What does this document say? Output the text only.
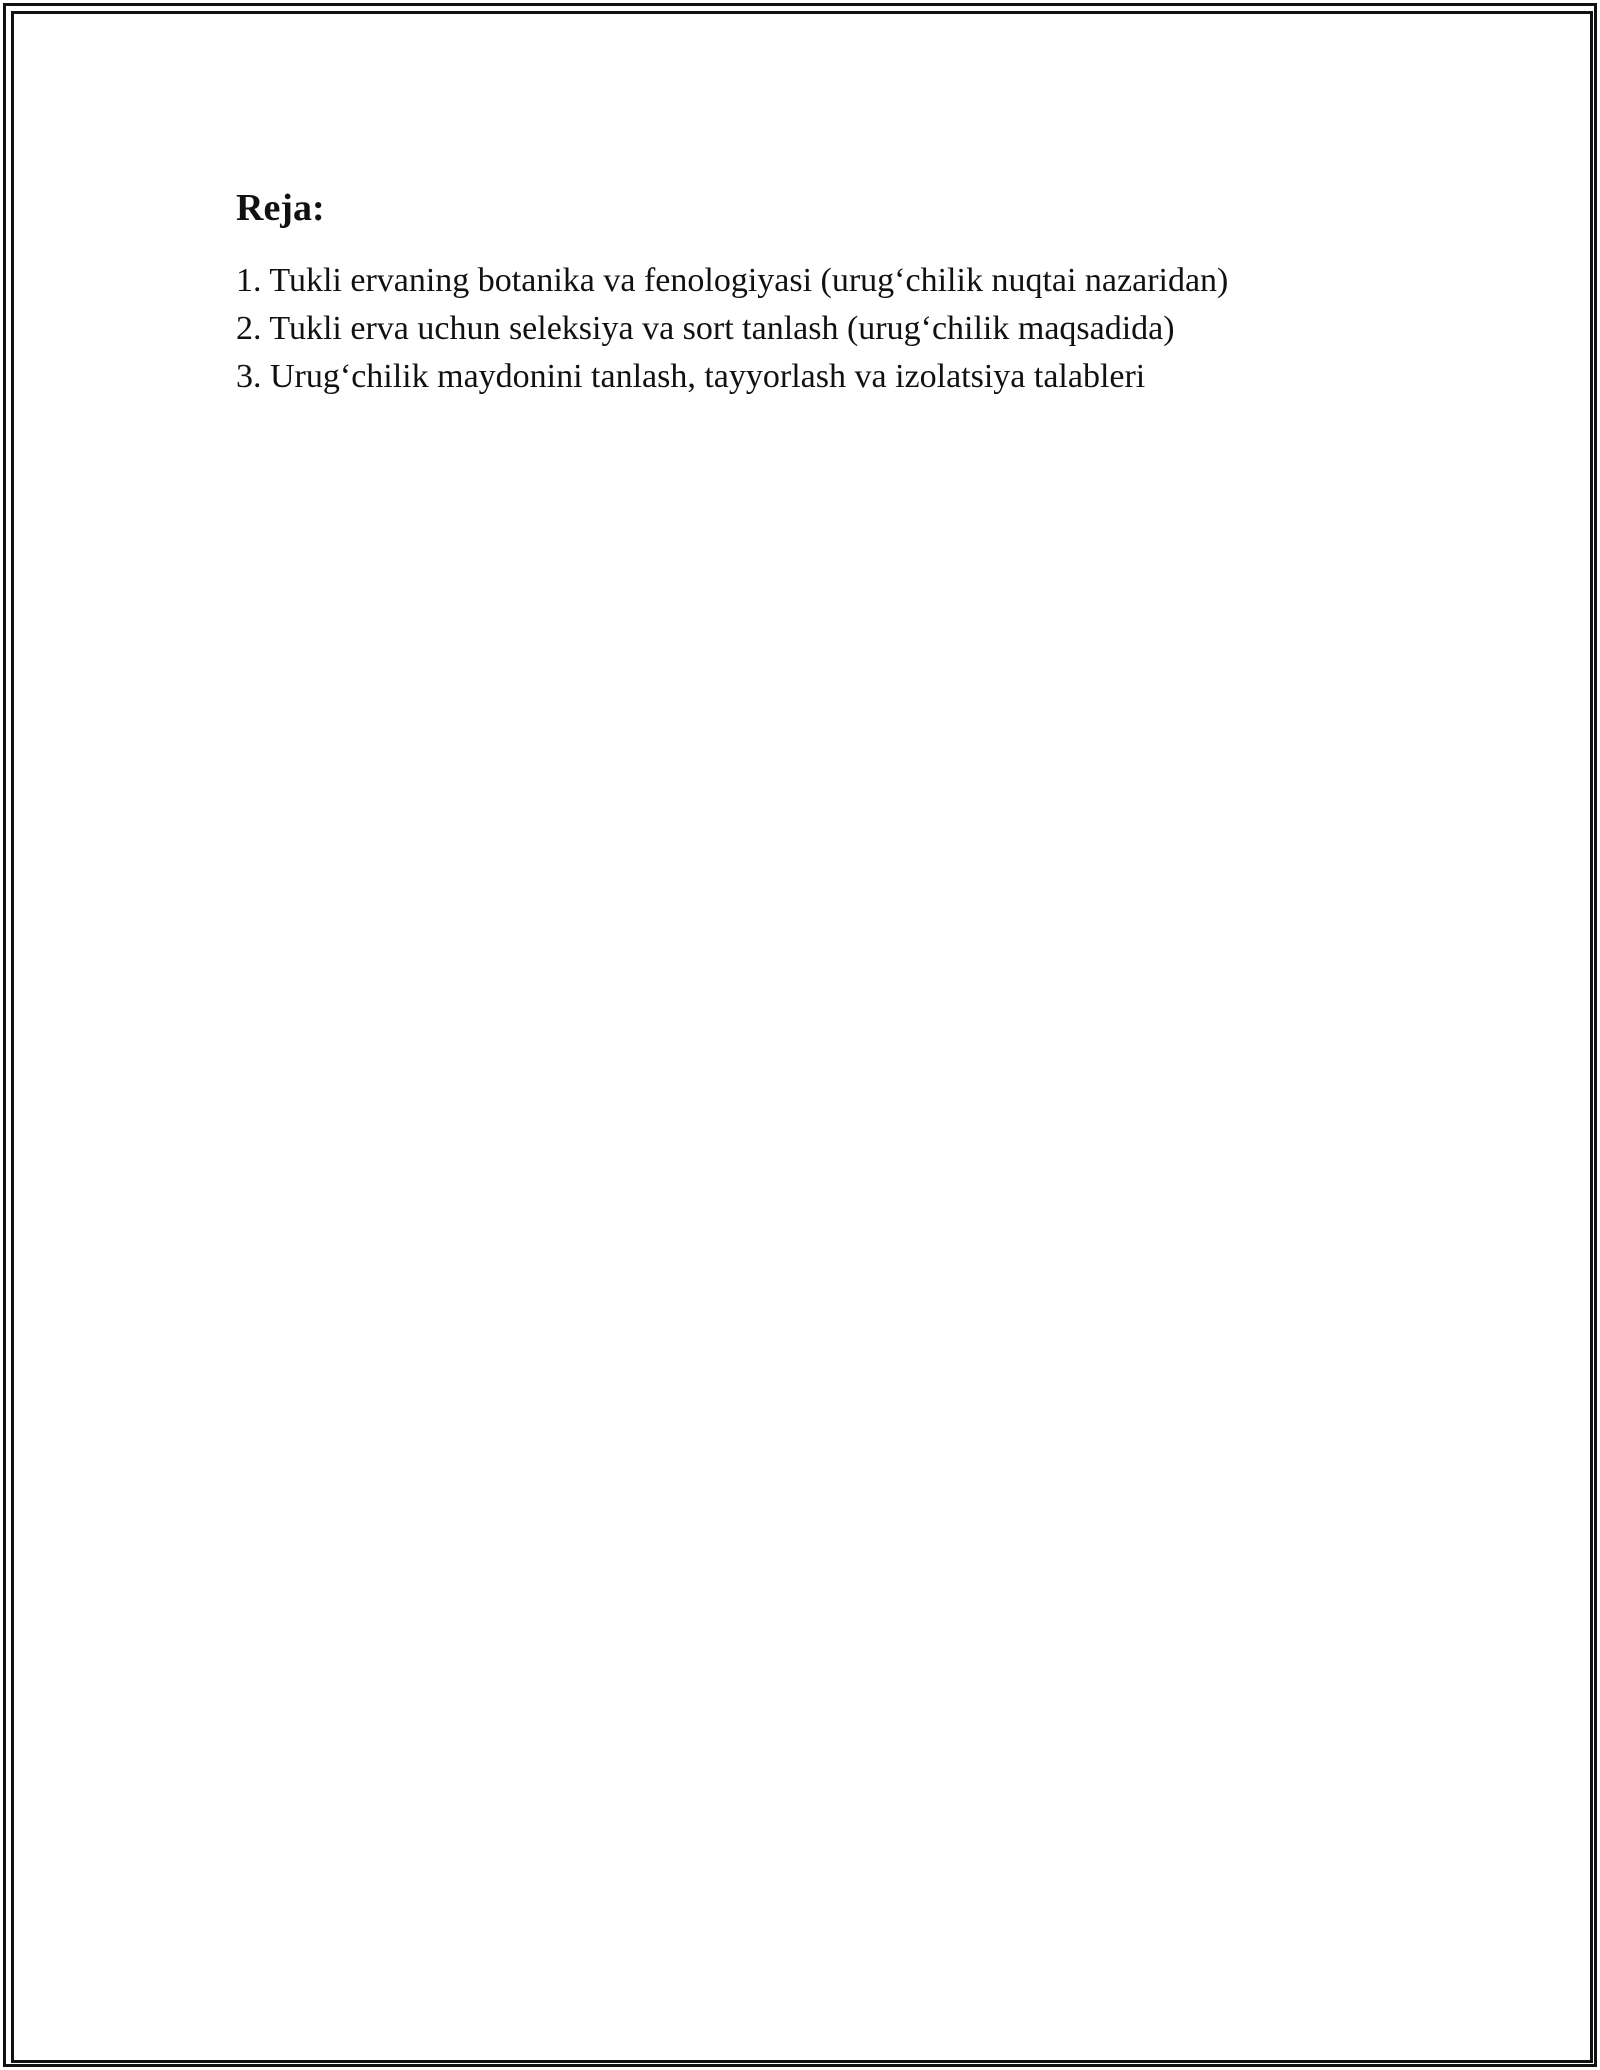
Reja:
1. Tukli ervaning botanika va fenologiyasi (urug‘chilik nuqtai nazaridan)
2. Tukli erva uchun seleksiya va sort tanlash (urug‘chilik maqsadida)
3. Urug‘chilik maydonini tanlash, tayyorlash va izolatsiya talableri
